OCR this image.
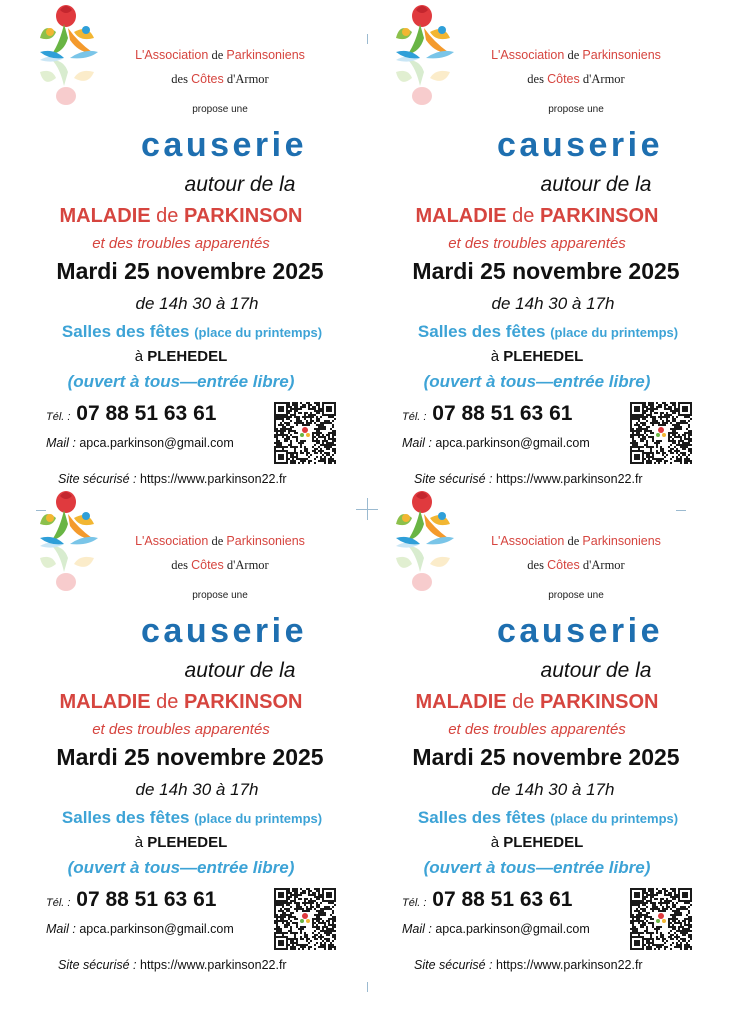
L'Association de Parkinsoniens
des Côtes d'Armor
propose une
causerie
autour de la
MALADIE de PARKINSON
et des troubles apparentés
Mardi 25 novembre 2025
de 14h 30 à 17h
Salles des fêtes (place du printemps)
à PLEHEDEL
(ouvert à tous—entrée libre)
Tél. : 07 88 51 63 61
Mail : apca.parkinson@gmail.com
Site sécurisé : https://www.parkinson22.fr
L'Association de Parkinsoniens
des Côtes d'Armor
propose une
causerie
autour de la
MALADIE de PARKINSON
et des troubles apparentés
Mardi 25 novembre 2025
de 14h 30 à 17h
Salles des fêtes (place du printemps)
à PLEHEDEL
(ouvert à tous—entrée libre)
Tél. : 07 88 51 63 61
Mail : apca.parkinson@gmail.com
Site sécurisé : https://www.parkinson22.fr
L'Association de Parkinsoniens
des Côtes d'Armor
propose une
causerie
autour de la
MALADIE de PARKINSON
et des troubles apparentés
Mardi 25 novembre 2025
de 14h 30 à 17h
Salles des fêtes (place du printemps)
à PLEHEDEL
(ouvert à tous—entrée libre)
Tél. : 07 88 51 63 61
Mail : apca.parkinson@gmail.com
Site sécurisé : https://www.parkinson22.fr
L'Association de Parkinsoniens
des Côtes d'Armor
propose une
causerie
autour de la
MALADIE de PARKINSON
et des troubles apparentés
Mardi 25 novembre 2025
de 14h 30 à 17h
Salles des fêtes (place du printemps)
à PLEHEDEL
(ouvert à tous—entrée libre)
Tél. : 07 88 51 63 61
Mail : apca.parkinson@gmail.com
Site sécurisé : https://www.parkinson22.fr
